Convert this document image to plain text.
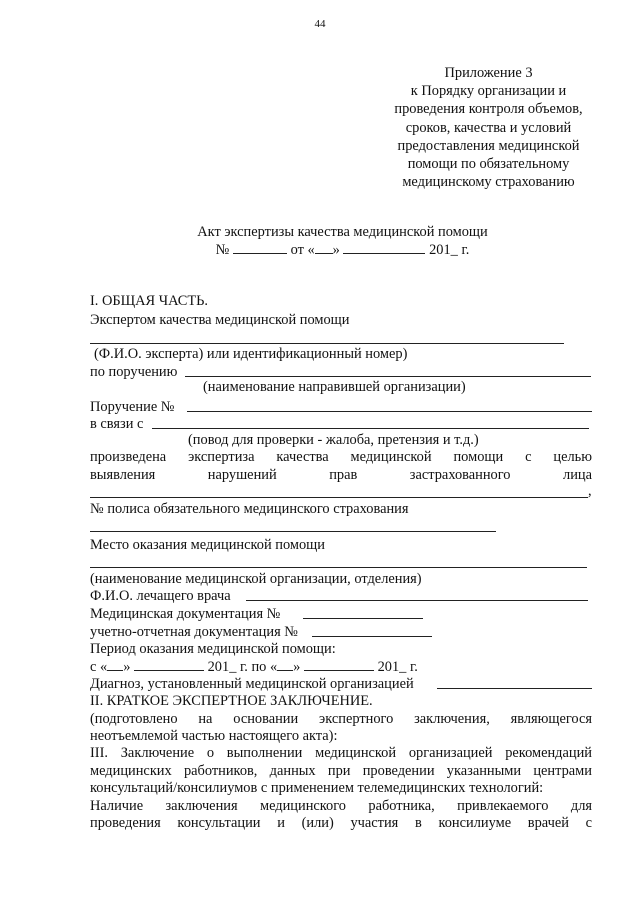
44
Приложение 3
к Порядку организации и
проведения контроля объемов,
сроков, качества и условий
предоставления медицинской
помощи по обязательному
медицинскому страхованию
Акт экспертизы качества медицинской помощи
№	от « »	201_ г.
I. ОБЩАЯ ЧАСТЬ.
Экспертом качества медицинской помощи
(Ф.И.О. эксперта) или идентификационный номер)
по поручению
(наименование направившей организации)
Поручение №
в связи с
(повод для проверки - жалоба, претензия и т.д.)
произведена экспертиза качества медицинской помощи с целью
выявления нарушений прав застрахованного лица
,
№ полиса обязательного медицинского страхования
Место оказания медицинской помощи
(наименование медицинской организации, отделения)
Ф.И.О. лечащего врача
Медицинская документация №
учетно-отчетная документация №
Период оказания медицинской помощи:
с « »	201_ г. по « »	201_ г.
Диагноз, установленный медицинской организацией
II. КРАТКОЕ ЭКСПЕРТНОЕ ЗАКЛЮЧЕНИЕ.
(подготовлено на основании экспертного заключения, являющегося
неотъемлемой частью настоящего акта):
III. Заключение о выполнении медицинской организацией рекомендаций
медицинских работников, данных при проведении указанными центрами
консультаций/консилиумов с применением телемедицинских технологий:
Наличие заключения медицинского работника, привлекаемого для
проведения консультации и (или) участия в консилиуме врачей с
